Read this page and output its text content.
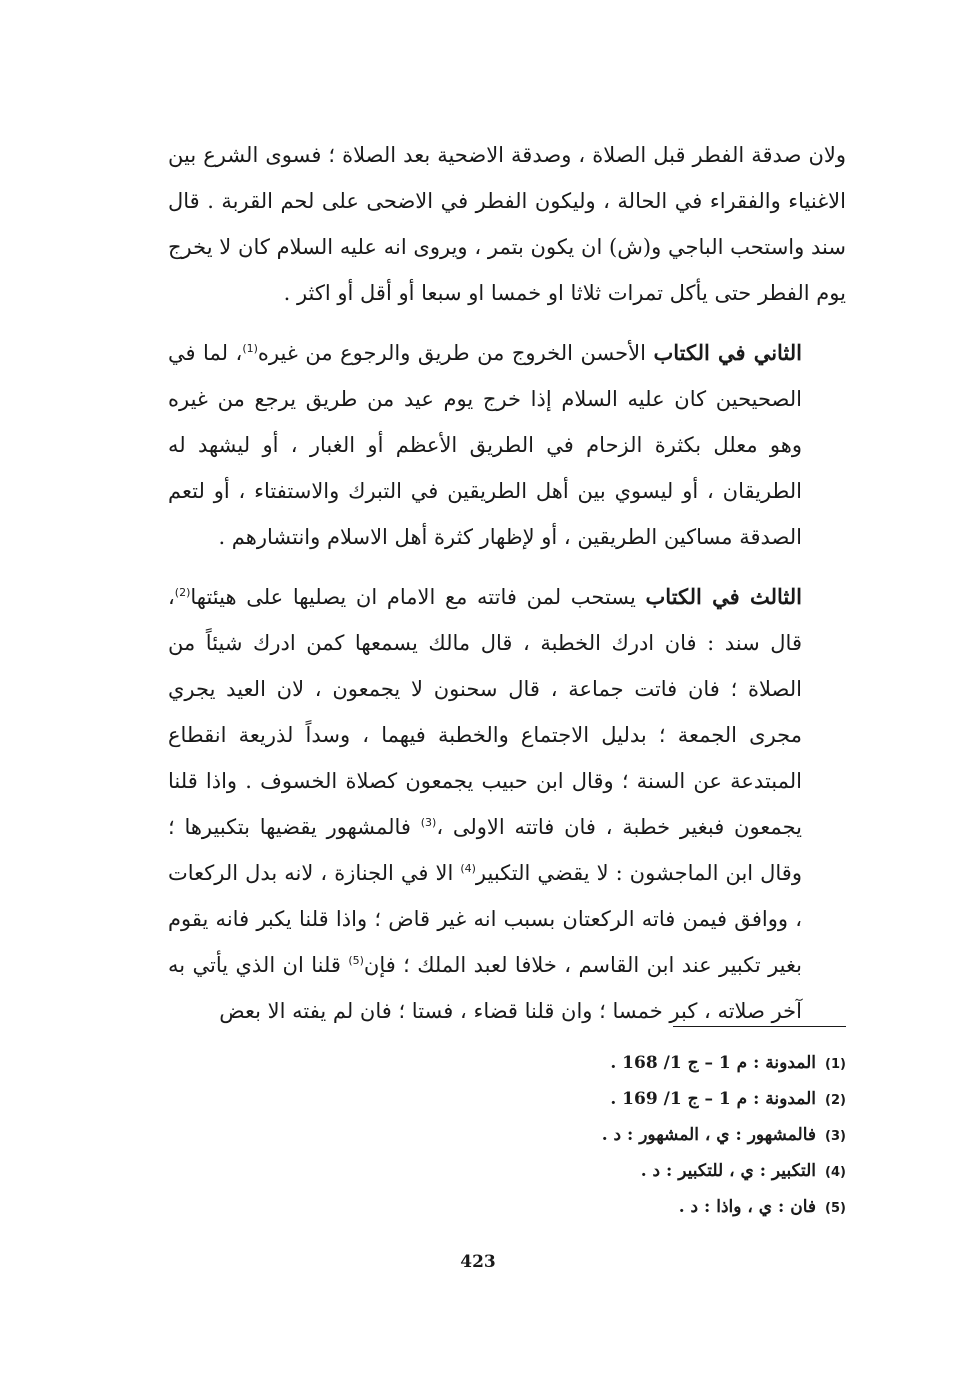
ولان صدقة الفطر قبل الصلاة ، وصدقة الاضحية بعد الصلاة ؛ فسوى الشرع بين الاغنياء والفقراء في الحالة ، وليكون الفطر في الاضحى على لحم القربة . قال سند واستحب الباجي و(ش) ان يكون بتمر ، ويروى انه عليه السلام كان لا يخرج يوم الفطر حتى يأكل تمرات ثلاثا او خمسا او سبعا أو أقل أو اكثر .

الثاني في الكتاب الأحسن الخروج من طريق والرجوع من غيره$^{(1)}$، لما في الصحيحين كان عليه السلام إذا خرج يوم عيد من طريق يرجع من غيره وهو معلل بكثرة الزحام في الطريق الأعظم أو الغبار ، أو ليشهد له الطريقان ، أو ليسوي بين أهل الطريقين في التبرك والاستفتاء ، أو لتعم الصدقة مساكين الطريقين ، أو لإظهار كثرة أهل الاسلام وانتشارهم .

الثالث في الكتاب يستحب لمن فاتته مع الامام ان يصليها على هيئتها$^{(2)}$، قال سند : فان ادرك الخطبة ، قال مالك يسمعها كمن ادرك شيئاً من الصلاة ؛ فان فاتت جماعة ، قال سحنون لا يجمعون ، لان العيد يجري مجرى الجمعة ؛ بدليل الاجتماع والخطبة فيهما ، وسداً لذريعة انقطاع المبتدعة عن السنة ؛ وقال ابن حبيب يجمعون كصلاة الخسوف . واذا قلنا يجمعون فبغير خطبة ، فان فاتته الاولى ،$^{(3)}$ فالمشهور يقضيها بتكبيرها ؛ وقال ابن الماجشون : لا يقضي التكبير$^{(4)}$ الا في الجنازة ، لانه بدل الركعات ، ووافق فيمن فاته الركعتان بسبب انه غير قاض ؛ واذا قلنا يكبر فانه يقوم بغير تكبير عند ابن القاسم ، خلافا لعبد الملك ؛ فإن$^{(5)}$ قلنا ان الذي يأتي به آخر صلاته ، كبر خمسا ؛ وان قلنا قضاء ، فستا ؛ فان لم يفته الا بعض

(1)المدونة : م 1 – ج 1/ 168 .
(2)المدونة : م 1 – ج 1/ 169 .
(3)فالمشهور : ي ، المشهور : د .
(4)التكبير : ي ، للتكبير : د .
(5)فان : ي ، واذا : د .
423
